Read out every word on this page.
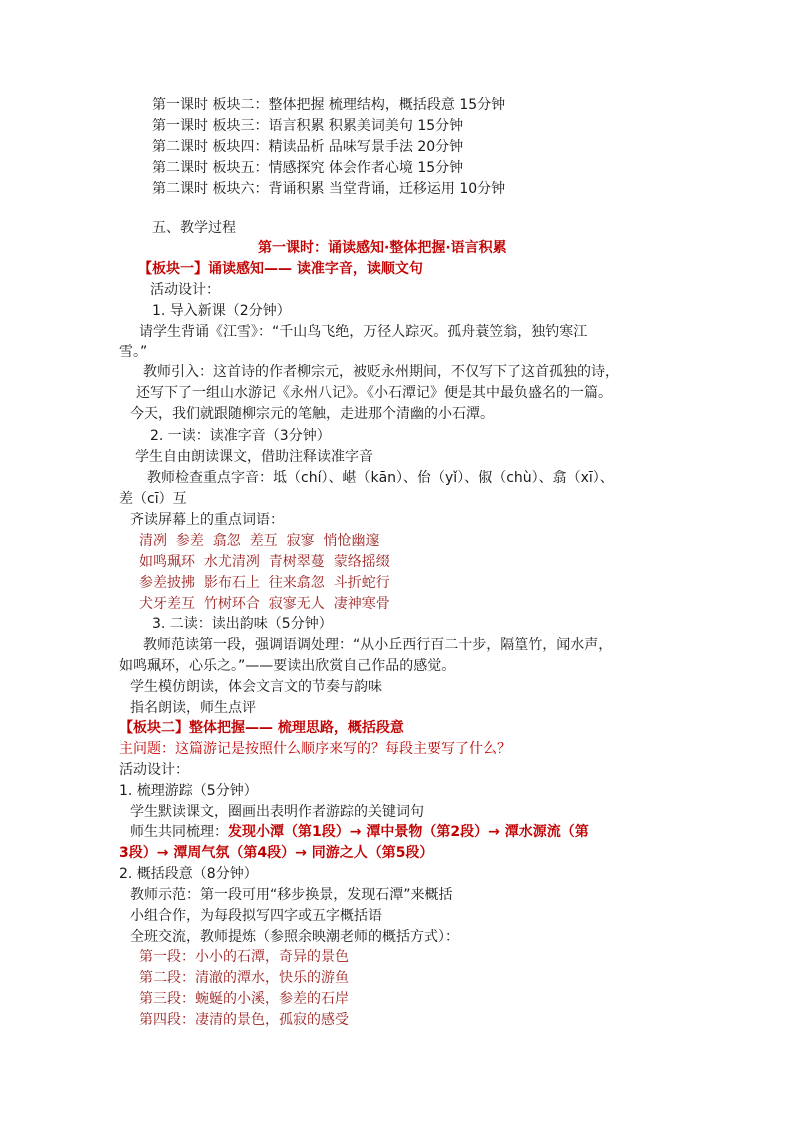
第一课时 板块二：整体把握 梳理结构，概括段意 15分钟
第一课时 板块三：语言积累 积累美词美句 15分钟
第二课时 板块四：精读品析 品味写景手法 20分钟
第二课时 板块五：情感探究 体会作者心境 15分钟
第二课时 板块六：背诵积累 当堂背诵，迁移运用 10分钟
五、教学过程
第一课时：诵读感知·整体把握·语言积累
【板块一】诵读感知—— 读准字音，读顺文句
活动设计：
1. 导入新课（2分钟）
请学生背诵《江雪》：“千山鸟飞绝，万径人踪灭。孤舟蓑笠翁，独钓寒江
雪。”
教师引入：这首诗的作者柳宗元，被贬永州期间，不仅写下了这首孤独的诗，
还写下了一组山水游记《永州八记》。《小石潭记》便是其中最负盛名的一篇。
今天，我们就跟随柳宗元的笔触，走进那个清幽的小石潭。
2. 一读：读准字音（3分钟）
学生自由朗读课文，借助注释读准字音
教师检查重点字音：坻（chí）、嵁（kān）、佁（yǐ）、俶（chù）、翕（xī）、
差（cī）互
齐读屏幕上的重点词语：
清冽  参差  翕忽  差互  寂寥  悄怆幽邃
如鸣珮环  水尤清冽  青树翠蔓  蒙络摇缀
参差披拂  影布石上  往来翕忽  斗折蛇行
犬牙差互  竹树环合  寂寥无人  凄神寒骨
3. 二读：读出韵味（5分钟）
教师范读第一段，强调语调处理：“从小丘西行百二十步，隔篁竹，闻水声，
如鸣珮环，心乐之。”——要读出欣赏自己作品的感觉。
学生模仿朗读，体会文言文的节奏与韵味
指名朗读，师生点评
【板块二】整体把握—— 梳理思路，概括段意
主问题：这篇游记是按照什么顺序来写的？每段主要写了什么？
活动设计：
1. 梳理游踪（5分钟）
学生默读课文，圈画出表明作者游踪的关键词句
师生共同梳理：发现小潭（第1段）→ 潭中景物（第2段）→ 潭水源流（第
3段）→ 潭周气氛（第4段）→ 同游之人（第5段）
2. 概括段意（8分钟）
教师示范：第一段可用“移步换景，发现石潭”来概括
小组合作，为每段拟写四字或五字概括语
全班交流，教师提炼（参照余映潮老师的概括方式）：
第一段：小小的石潭，奇异的景色
第二段：清澈的潭水，快乐的游鱼
第三段：蜿蜒的小溪，参差的石岸
第四段：凄清的景色，孤寂的感受
